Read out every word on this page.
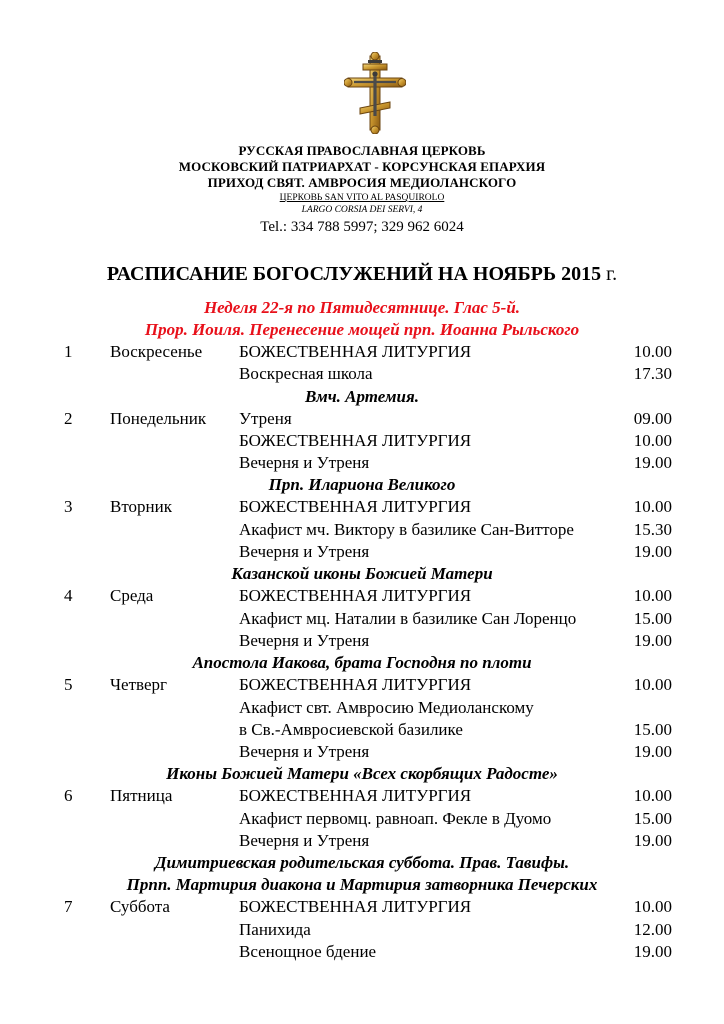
РУССКАЯ ПРАВОСЛАВНАЯ ЦЕРКОВЬ
МОСКОВСКИЙ ПАТРИАРХАТ - КОРСУНСКАЯ ЕПАРХИЯ
ПРИХОД СВЯТ. АМВРОСИЯ МЕДИОЛАНСКОГО
ЦЕРКОВЬ SAN VITO AL PASQUIROLO
LARGO CORSIA DEI SERVI, 4
Tel.: 334 788 5997; 329 962 6024
РАСПИСАНИЕ БОГОСЛУЖЕНИЙ НА НОЯБРЬ 2015 г.
Неделя 22-я по Пятидесятнице. Глас 5-й.
Прор. Иоиля. Перенесение мощей прп. Иоанна Рыльского
1 Воскресенье БОЖЕСТВЕННАЯ ЛИТУРГИЯ	10.00
Воскресная школа	17.30
Вмч. Артемия.
2 Понедельник Утреня	09.00
БОЖЕСТВЕННАЯ ЛИТУРГИЯ	10.00
Вечерня и Утреня	19.00
Прп. Илариона Великого
3 Вторник	БОЖЕСТВЕННАЯ ЛИТУРГИЯ	10.00
Акафист мч. Виктору в базилике Сан-Витторе	15.30
Вечерня и Утреня	19.00
Казанской иконы Божией Матери
4 Среда	БОЖЕСТВЕННАЯ ЛИТУРГИЯ	10.00
Акафист мц. Наталии в базилике Сан Лоренцо	15.00
Вечерня и Утреня	19.00
Апостола Иакова, брата Господня по плоти
5 Четверг	БОЖЕСТВЕННАЯ ЛИТУРГИЯ	10.00
Акафист свт. Амвросию Медиоланскому
в Св.-Амвросиевской базилике	15.00
Вечерня и Утреня	19.00
Иконы Божией Матери «Всех скорбящих Радосте»
6 Пятница	БОЖЕСТВЕННАЯ ЛИТУРГИЯ	10.00
Акафист первомц. равноап. Фекле в Дуомо	15.00
Вечерня и Утреня	19.00
Димитриевская родительская суббота. Прав. Тавифы.
Прпп. Мартирия диакона и Мартирия затворника Печерских
7 Суббота	БОЖЕСТВЕННАЯ ЛИТУРГИЯ	10.00
Панихида	12.00
Всенощное бдение	19.00
